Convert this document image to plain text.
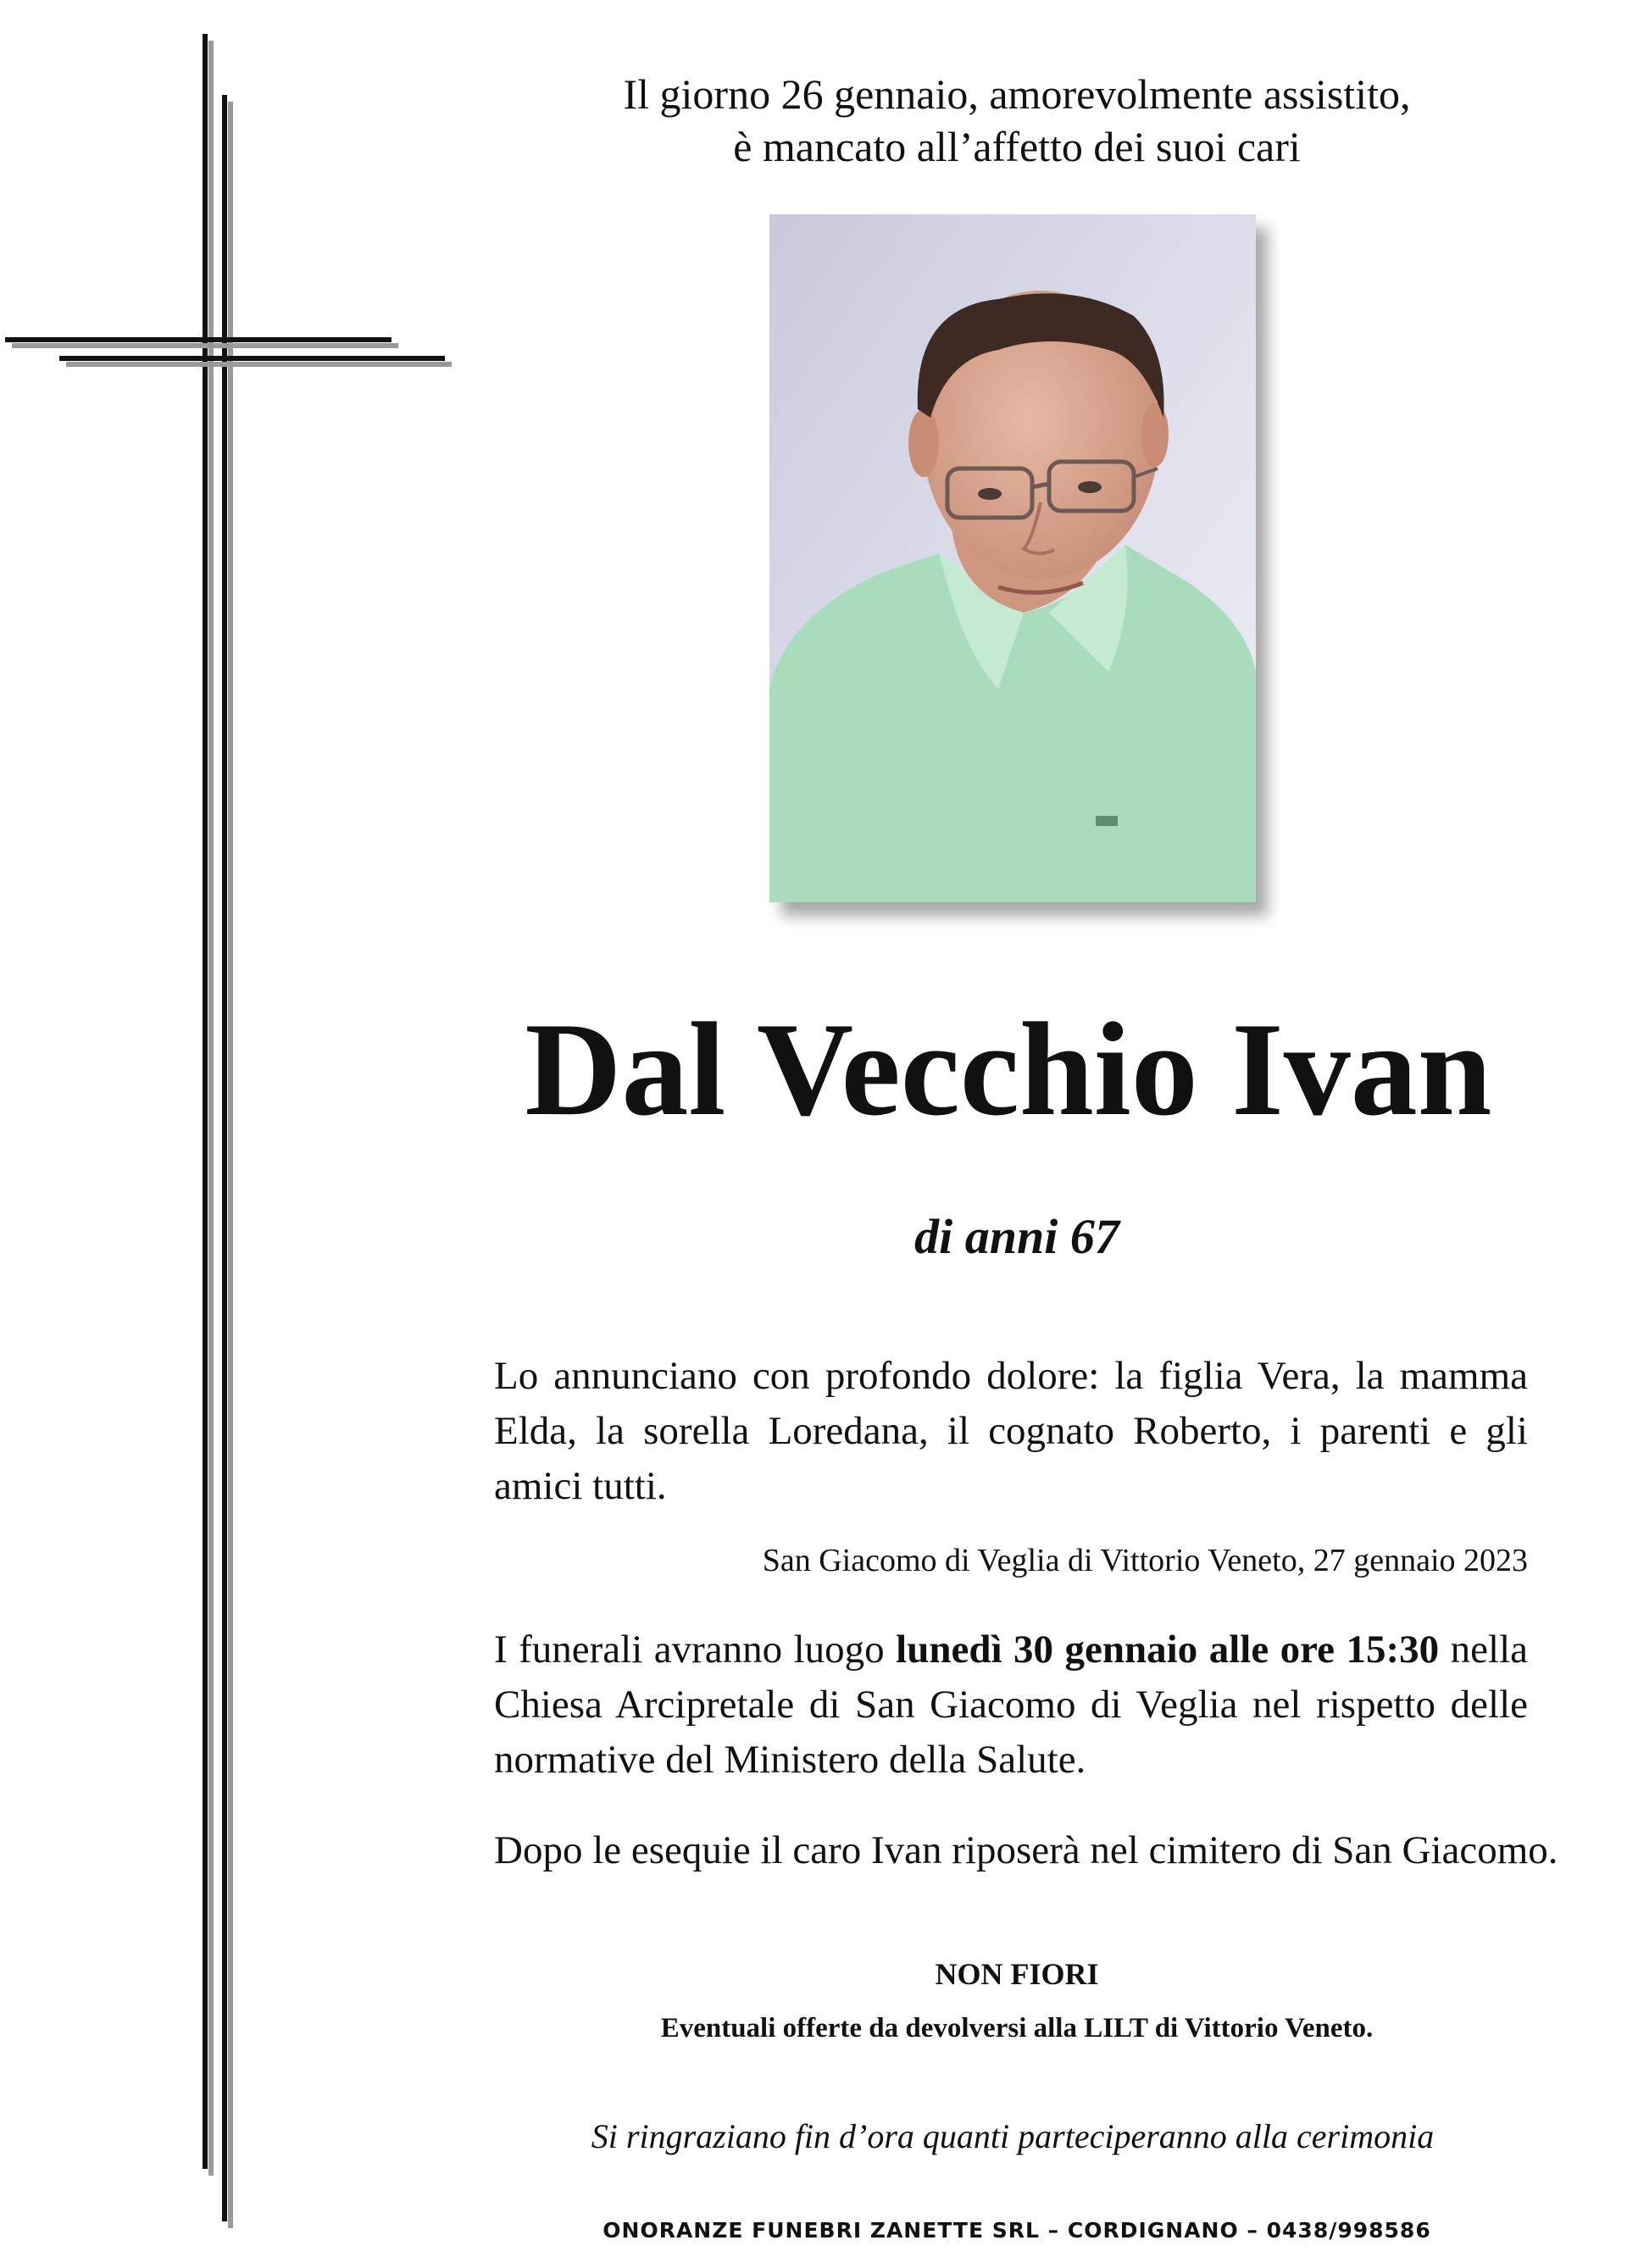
Il giorno 26 gennaio, amorevolmente assistito,
è mancato all’affetto dei suoi cari
Dal Vecchio Ivan
di anni 67
Lo annunciano con profondo dolore: la figlia Vera, la mamma Elda, la sorella Loredana, il cognato Roberto, i parenti e gli amici tutti.
San Giacomo di Veglia di Vittorio Veneto, 27 gennaio 2023
I funerali avranno luogo lunedì 30 gennaio alle ore 15:30 nella Chiesa Arcipretale di San Giacomo di Veglia nel rispetto delle normative del Ministero della Salute.
Dopo le esequie il caro Ivan riposerà nel cimitero di San Giacomo.
NON FIORI
Eventuali offerte da devolversi alla LILT di Vittorio Veneto.
Si ringraziano fin d’ora quanti parteciperanno alla cerimonia
ONORANZE FUNEBRI ZANETTE SRL – CORDIGNANO – 0438/998586
